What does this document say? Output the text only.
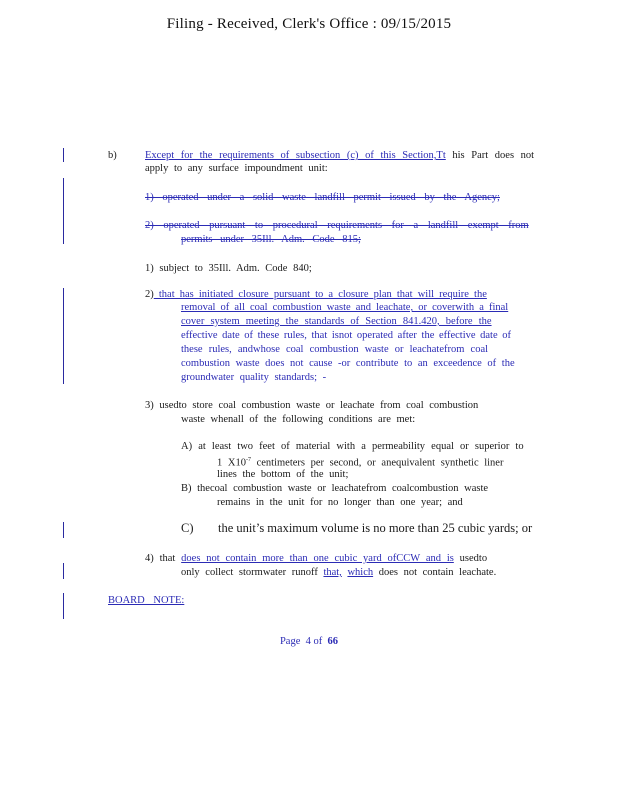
Filing - Received, Clerk's Office : 09/15/2015
b)	Except for the requirements of subsection (c) of this Section,Tt his Part does not
apply to any surface impoundment unit:
1) operated under a solid waste landfill permit issued by the Agency;
2) operated pursuant to procedural requirements for a landfill exempt from
permits under 35Ill. Adm. Code 815;
1) subject to 35Ill. Adm. Code 840;
2) that has initiated closure pursuant to a closure plan that will require the
removal of all coal combustion waste and leachate, or coverwith a final
cover system meeting the standards of Section 841.420, before the
effective date of these rules, that isnot operated after the effective date of
these rules, andwhose coal combustion waste or leachatefrom coal
combustion waste does not cause -or contribute to an exceedence of the
groundwater quality standards; -
3) usedto store coal combustion waste or leachate from coal combustion
waste whenall of the following conditions are met:
A) at least two feet of material with a permeability equal or superior to
1 $X10^{-7}$ centimeters per second, or anequivalent synthetic liner
lines the bottom of the unit;
B) thecoal combustion waste or leachatefrom coalcombustion waste
remains in the unit for no longer than one year; and
C) the unit’s maximum volume is no more than 25 cubic yards; or
4) that does not contain more than one cubic yard ofCCW and is usedto
only collect stormwater runoff that, which does not contain leachate.
BOARD NOTE:
Page 4 of 66
